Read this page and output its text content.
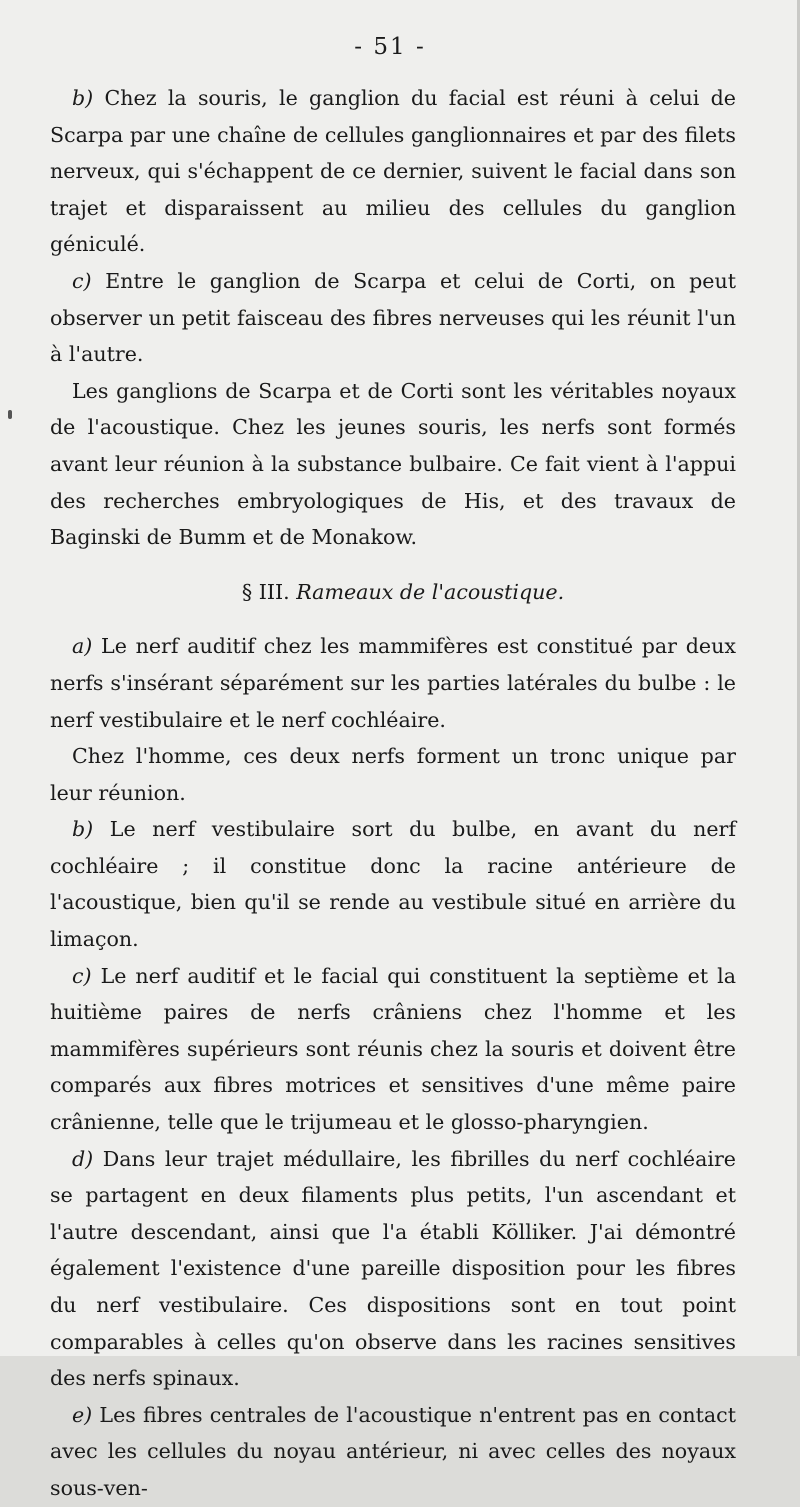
- 51 -

b) Chez la souris, le ganglion du facial est réuni à celui de Scarpa par une chaîne de cellules ganglionnaires et par des filets nerveux, qui s'échappent de ce dernier, suivent le facial dans son trajet et disparaissent au milieu des cellules du ganglion géniculé.

c) Entre le ganglion de Scarpa et celui de Corti, on peut observer un petit faisceau des fibres nerveuses qui les réunit l'un à l'autre.

Les ganglions de Scarpa et de Corti sont les véritables noyaux de l'acoustique. Chez les jeunes souris, les nerfs sont formés avant leur réunion à la substance bulbaire. Ce fait vient à l'appui des recherches embryologiques de His, et des travaux de Baginski de Bumm et de Monakow.

§ III. Rameaux de l'acoustique.

a) Le nerf auditif chez les mammifères est constitué par deux nerfs s'insérant séparément sur les parties latérales du bulbe : le nerf vestibulaire et le nerf cochléaire.

Chez l'homme, ces deux nerfs forment un tronc unique par leur réunion.

b) Le nerf vestibulaire sort du bulbe, en avant du nerf cochléaire ; il constitue donc la racine antérieure de l'acoustique, bien qu'il se rende au vestibule situé en arrière du limaçon.

c) Le nerf auditif et le facial qui constituent la septième et la huitième paires de nerfs crâniens chez l'homme et les mammifères supérieurs sont réunis chez la souris et doivent être comparés aux fibres motrices et sensitives d'une même paire crânienne, telle que le trijumeau et le glosso-pharyngien.

d) Dans leur trajet médullaire, les fibrilles du nerf cochléaire se partagent en deux filaments plus petits, l'un ascendant et l'autre descendant, ainsi que l'a établi Kölliker. J'ai démontré également l'existence d'une pareille disposition pour les fibres du nerf vestibulaire. Ces dispositions sont en tout point comparables à celles qu'on observe dans les racines sensitives des nerfs spinaux.

e) Les fibres centrales de l'acoustique n'entrent pas en contact avec les cellules du noyau antérieur, ni avec celles des noyaux sous-ven-
